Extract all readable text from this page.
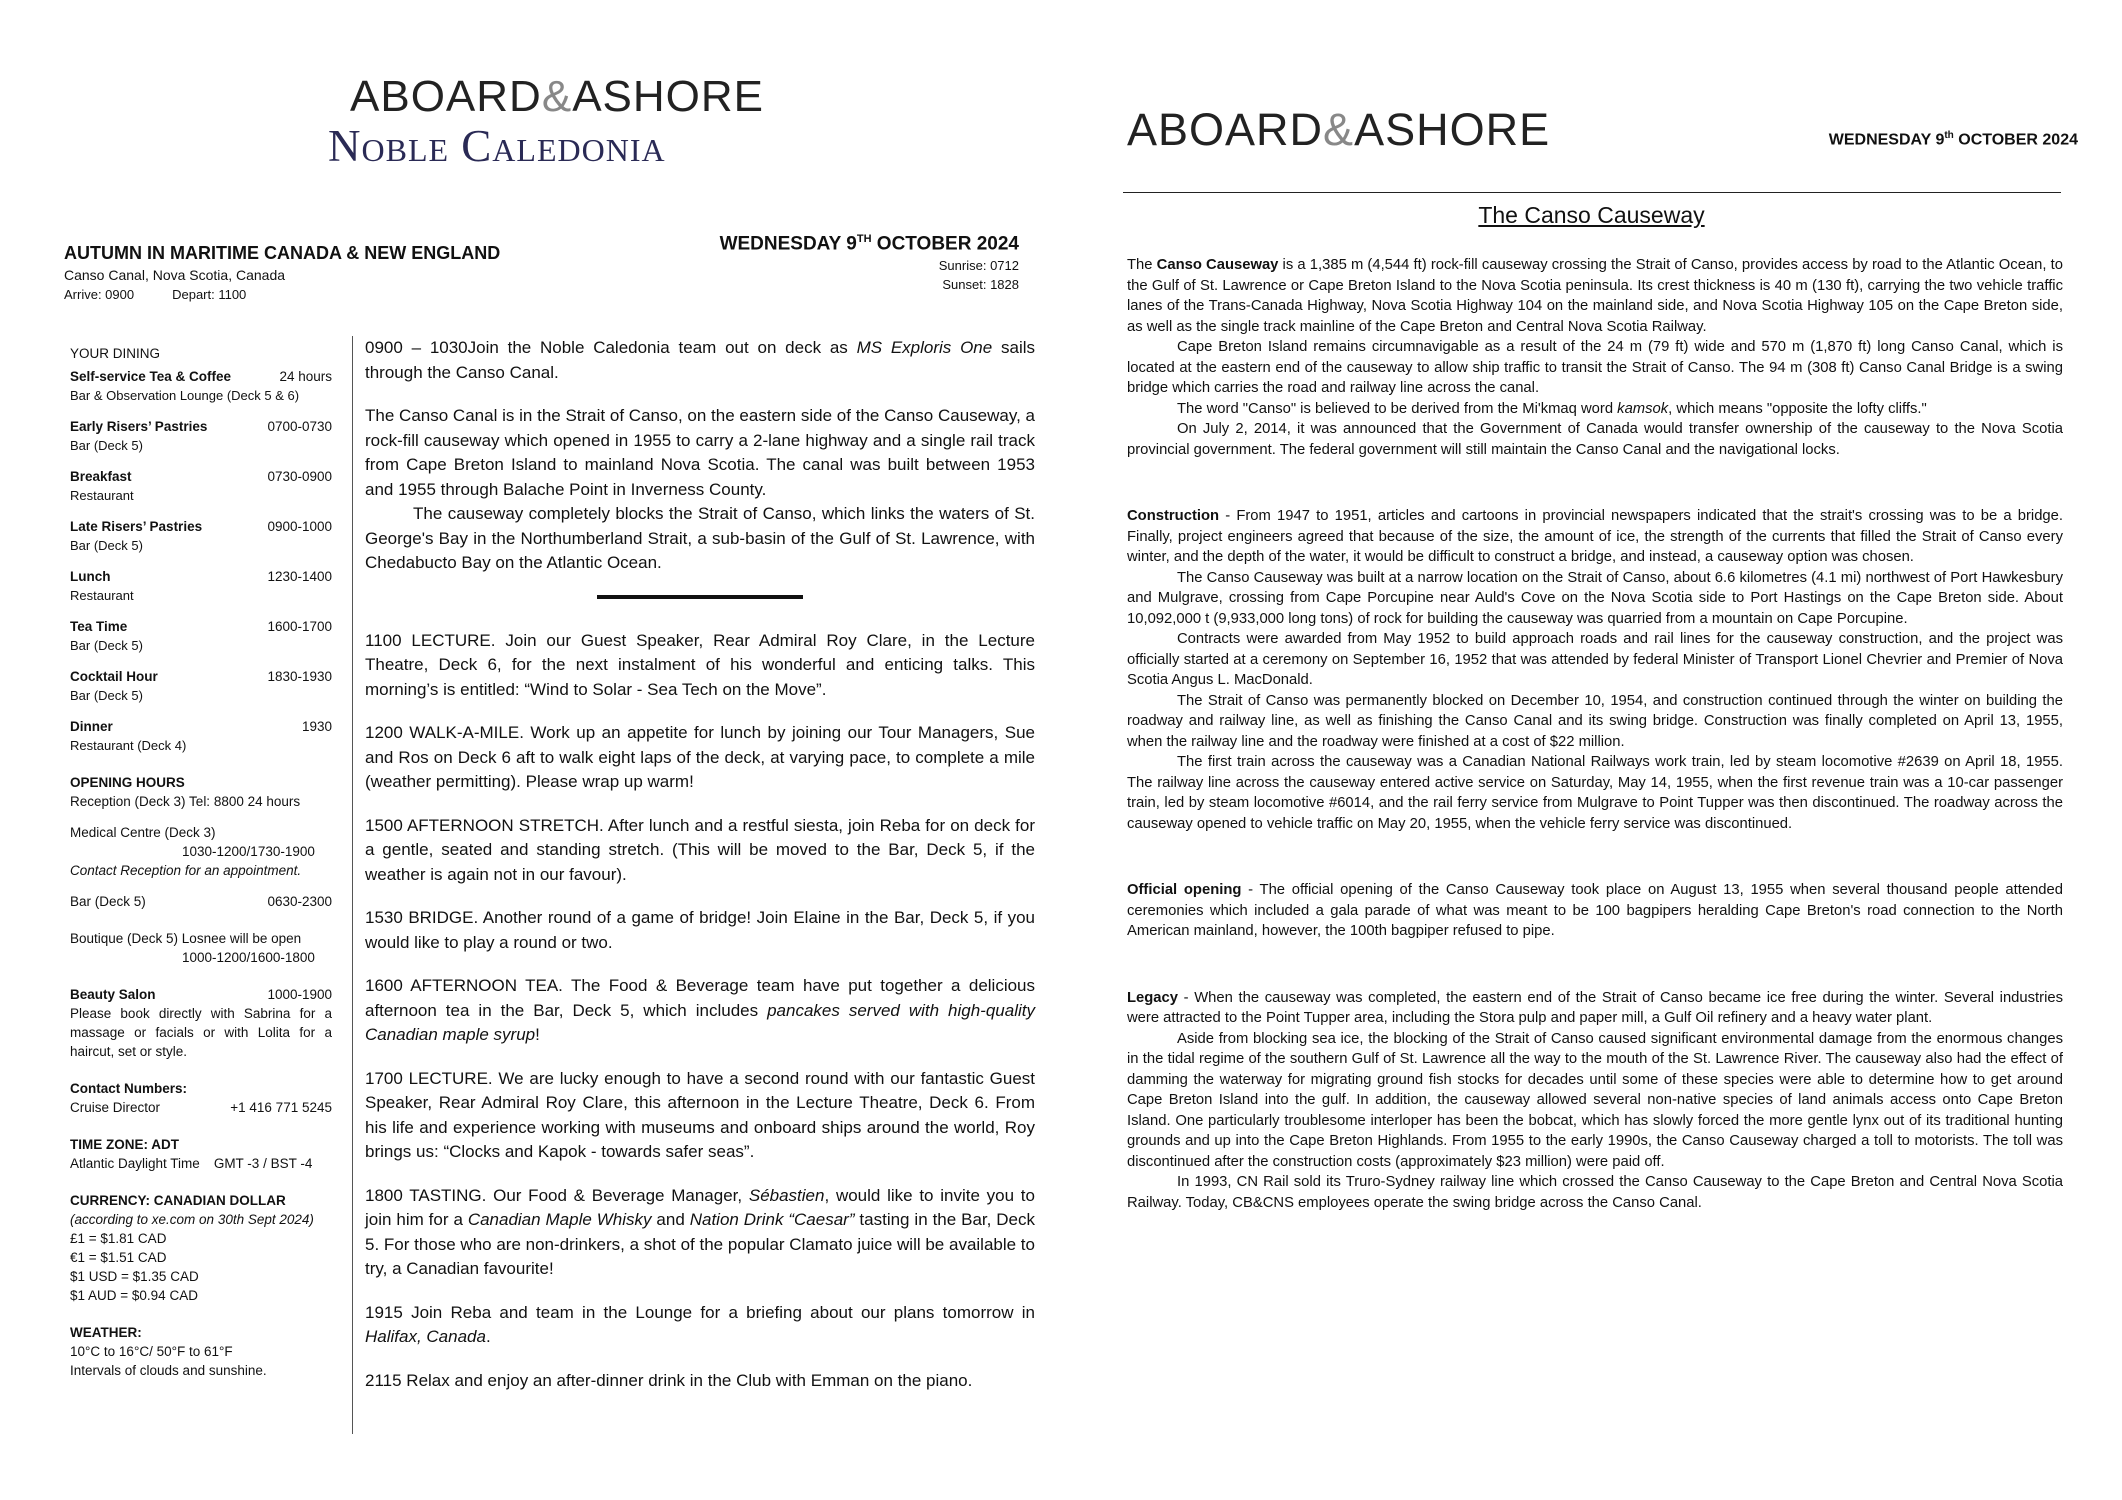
ABOARD&ASHORE
Noble Caledonia
AUTUMN IN MARITIME CANADA & NEW ENGLAND
Canso Canal, Nova Scotia, Canada
Arrive: 0900	Depart: 1100
WEDNESDAY 9TH OCTOBER 2024
Sunrise: 0712
Sunset: 1828
YOUR DINING
Self-service Tea & Coffee	24 hours
Bar & Observation Lounge (Deck 5 & 6)
Early Risers’ Pastries	0700-0730
Bar (Deck 5)
Breakfast	0730-0900
Restaurant
Late Risers’ Pastries	0900-1000
Bar (Deck 5)
Lunch	1230-1400
Restaurant
Tea Time	1600-1700
Bar (Deck 5)
Cocktail Hour	1830-1930
Bar (Deck 5)
Dinner	1930
Restaurant (Deck 4)
OPENING HOURS
Reception (Deck 3) Tel: 8800 24 hours
Medical Centre (Deck 3)
1030-1200/1730-1900
Contact Reception for an appointment.
Bar (Deck 5)	0630-2300
Boutique (Deck 5) Losnee will be open
1000-1200/1600-1800
Beauty Salon	1000-1900
Please book directly with Sabrina for a massage or facials or with Lolita for a haircut, set or style.
Contact Numbers:
Cruise Director	+1 416 771 5245
TIME ZONE: ADT
Atlantic Daylight Time GMT -3 / BST -4
CURRENCY: CANADIAN DOLLAR
(according to xe.com on 30th Sept 2024)
£1 = $1.81 CAD
€1 = $1.51 CAD
$1 USD = $1.35 CAD
$1 AUD = $0.94 CAD
WEATHER:
10°C to 16°C/ 50°F to 61°F
Intervals of clouds and sunshine.

0900 – 1030Join the Noble Caledonia team out on deck as MS Exploris One sails through the Canso Canal.

The Canso Canal is in the Strait of Canso, on the eastern side of the Canso Causeway, a rock-fill causeway which opened in 1955 to carry a 2-lane highway and a single rail track from Cape Breton Island to mainland Nova Scotia. The canal was built between 1953 and 1955 through Balache Point in Inverness County.

The causeway completely blocks the Strait of Canso, which links the waters of St. George's Bay in the Northumberland Strait, a sub-basin of the Gulf of St. Lawrence, with Chedabucto Bay on the Atlantic Ocean.

1100 LECTURE. Join our Guest Speaker, Rear Admiral Roy Clare, in the Lecture Theatre, Deck 6, for the next instalment of his wonderful and enticing talks. This morning’s is entitled: “Wind to Solar - Sea Tech on the Move”.

1200 WALK-A-MILE. Work up an appetite for lunch by joining our Tour Managers, Sue and Ros on Deck 6 aft to walk eight laps of the deck, at varying pace, to complete a mile (weather permitting). Please wrap up warm!

1500 AFTERNOON STRETCH. After lunch and a restful siesta, join Reba for on deck for a gentle, seated and standing stretch. (This will be moved to the Bar, Deck 5, if the weather is again not in our favour).

1530 BRIDGE. Another round of a game of bridge! Join Elaine in the Bar, Deck 5, if you would like to play a round or two.

1600 AFTERNOON TEA. The Food & Beverage team have put together a delicious afternoon tea in the Bar, Deck 5, which includes pancakes served with high-quality Canadian maple syrup!

1700 LECTURE. We are lucky enough to have a second round with our fantastic Guest Speaker, Rear Admiral Roy Clare, this afternoon in the Lecture Theatre, Deck 6. From his life and experience working with museums and onboard ships around the world, Roy brings us: “Clocks and Kapok - towards safer seas”.

1800 TASTING. Our Food & Beverage Manager, Sébastien, would like to invite you to join him for a Canadian Maple Whisky and Nation Drink “Caesar” tasting in the Bar, Deck 5. For those who are non-drinkers, a shot of the popular Clamato juice will be available to try, a Canadian favourite!

1915 Join Reba and team in the Lounge for a briefing about our plans tomorrow in Halifax, Canada.

2115 Relax and enjoy an after-dinner drink in the Club with Emman on the piano.

ABOARD&ASHORE	WEDNESDAY 9th OCTOBER 2024
The Canso Causeway

The Canso Causeway is a 1,385 m (4,544 ft) rock-fill causeway crossing the Strait of Canso, provides access by road to the Atlantic Ocean, to the Gulf of St. Lawrence or Cape Breton Island to the Nova Scotia peninsula. Its crest thickness is 40 m (130 ft), carrying the two vehicle traffic lanes of the Trans-Canada Highway, Nova Scotia Highway 104 on the mainland side, and Nova Scotia Highway 105 on the Cape Breton side, as well as the single track mainline of the Cape Breton and Central Nova Scotia Railway.

Cape Breton Island remains circumnavigable as a result of the 24 m (79 ft) wide and 570 m (1,870 ft) long Canso Canal, which is located at the eastern end of the causeway to allow ship traffic to transit the Strait of Canso. The 94 m (308 ft) Canso Canal Bridge is a swing bridge which carries the road and railway line across the canal.

The word "Canso" is believed to be derived from the Mi'kmaq word kamsok, which means "opposite the lofty cliffs."

On July 2, 2014, it was announced that the Government of Canada would transfer ownership of the causeway to the Nova Scotia provincial government. The federal government will still maintain the Canso Canal and the navigational locks.

Construction - From 1947 to 1951, articles and cartoons in provincial newspapers indicated that the strait's crossing was to be a bridge. Finally, project engineers agreed that because of the size, the amount of ice, the strength of the currents that filled the Strait of Canso every winter, and the depth of the water, it would be difficult to construct a bridge, and instead, a causeway option was chosen.

The Canso Causeway was built at a narrow location on the Strait of Canso, about 6.6 kilometres (4.1 mi) northwest of Port Hawkesbury and Mulgrave, crossing from Cape Porcupine near Auld's Cove on the Nova Scotia side to Port Hastings on the Cape Breton side. About 10,092,000 t (9,933,000 long tons) of rock for building the causeway was quarried from a mountain on Cape Porcupine.

Contracts were awarded from May 1952 to build approach roads and rail lines for the causeway construction, and the project was officially started at a ceremony on September 16, 1952 that was attended by federal Minister of Transport Lionel Chevrier and Premier of Nova Scotia Angus L. MacDonald.

The Strait of Canso was permanently blocked on December 10, 1954, and construction continued through the winter on building the roadway and railway line, as well as finishing the Canso Canal and its swing bridge. Construction was finally completed on April 13, 1955, when the railway line and the roadway were finished at a cost of $22 million.

The first train across the causeway was a Canadian National Railways work train, led by steam locomotive #2639 on April 18, 1955. The railway line across the causeway entered active service on Saturday, May 14, 1955, when the first revenue train was a 10-car passenger train, led by steam locomotive #6014, and the rail ferry service from Mulgrave to Point Tupper was then discontinued. The roadway across the causeway opened to vehicle traffic on May 20, 1955, when the vehicle ferry service was discontinued.

Official opening - The official opening of the Canso Causeway took place on August 13, 1955 when several thousand people attended ceremonies which included a gala parade of what was meant to be 100 bagpipers heralding Cape Breton's road connection to the North American mainland, however, the 100th bagpiper refused to pipe.

Legacy - When the causeway was completed, the eastern end of the Strait of Canso became ice free during the winter. Several industries were attracted to the Point Tupper area, including the Stora pulp and paper mill, a Gulf Oil refinery and a heavy water plant.

Aside from blocking sea ice, the blocking of the Strait of Canso caused significant environmental damage from the enormous changes in the tidal regime of the southern Gulf of St. Lawrence all the way to the mouth of the St. Lawrence River. The causeway also had the effect of damming the waterway for migrating ground fish stocks for decades until some of these species were able to determine how to get around Cape Breton Island into the gulf. In addition, the causeway allowed several non-native species of land animals access onto Cape Breton Island. One particularly troublesome interloper has been the bobcat, which has slowly forced the more gentle lynx out of its traditional hunting grounds and up into the Cape Breton Highlands. From 1955 to the early 1990s, the Canso Causeway charged a toll to motorists. The toll was discontinued after the construction costs (approximately $23 million) were paid off.

In 1993, CN Rail sold its Truro-Sydney railway line which crossed the Canso Causeway to the Cape Breton and Central Nova Scotia Railway. Today, CB&CNS employees operate the swing bridge across the Canso Canal.
